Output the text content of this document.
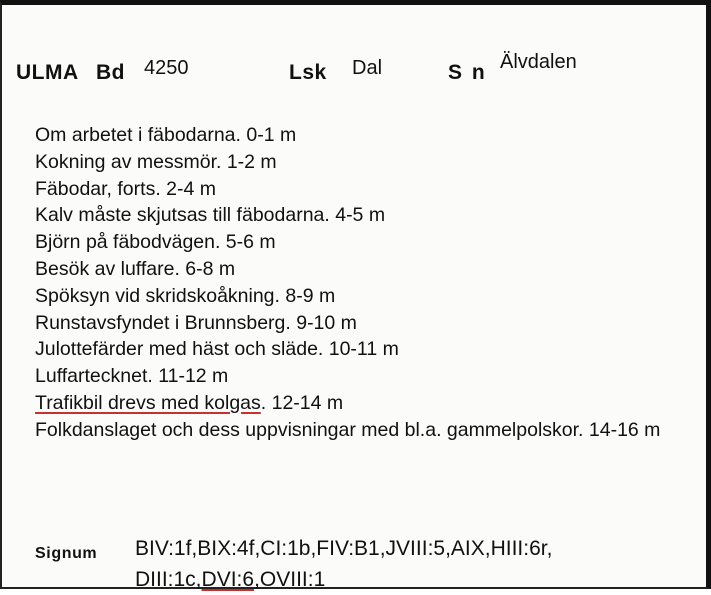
ULMA Bd 4250	Lsk Dal	S n Älvdalen
Om arbetet i fäbodarna. 0-1 m
Kokning av messmör. 1-2 m
Fäbodar, forts. 2-4 m
Kalv måste skjutsas till fäbodarna. 4-5 m
Björn på fäbodvägen. 5-6 m
Besök av luffare. 6-8 m
Spöksyn vid skridskoåkning. 8-9 m
Runstavsfyndet i Brunnsberg. 9-10 m
Julottefärder med häst och släde. 10-11 m
Luffartecknet. 11-12 m
Trafikbil drevs med kolgas. 12-14 m
Folkdanslaget och dess uppvisningar med bl.a. gammelpolskor. 14-16 m
Signum BIV:1f,BIX:4f,CI:1b,FIV:B1,JVIII:5,AIX,HIII:6r,
DIII:1c,DVI:6,OVIII:1
